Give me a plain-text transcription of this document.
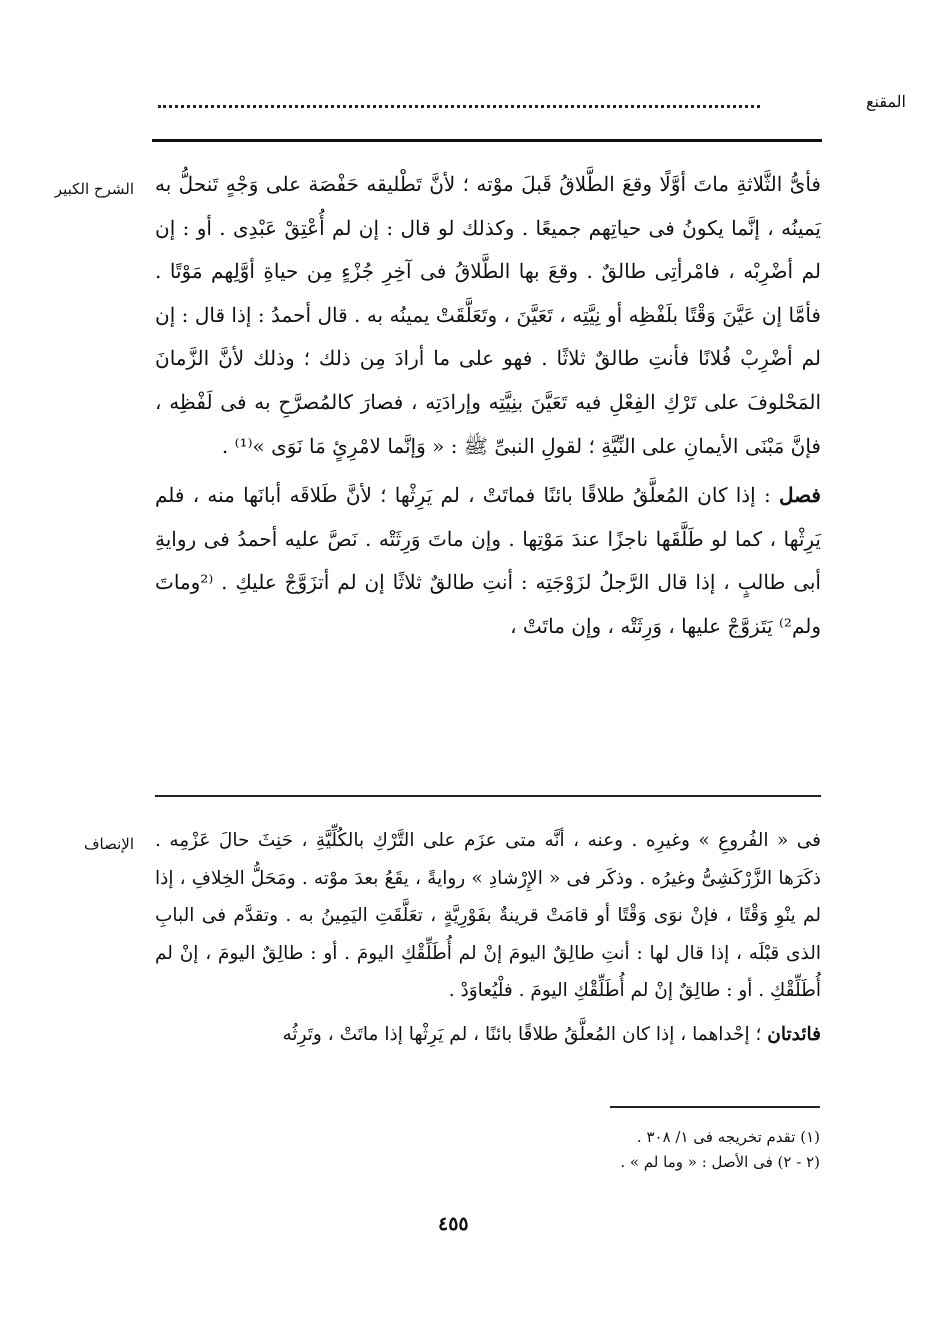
المقنع
الشرح الكبير فأىُّ الثَّلاثةِ ماتَ أوَّلًا وقعَ الطَّلاقُ قَبلَ موْته ؛ لأنَّ تَطْليقه حَفْصَة على وَجْهٍ تَنحلُّ به يَمينُه ، إنَّما يكونُ فى حياتِهم جميعًا . وكذلك لو قال : إن لم أُعْتِقْ عَبْدِى . أو : إن لم أضْرِبْه ، فامْرأتِى طالقٌ . وقعَ بها الطَّلاقُ فى آخِرِ جُزْءٍ مِن حياةِ أوَّلِهم مَوْتًا . فأمَّا إن عَيَّنَ وَقْتًا بلَفْظِه أو نِيَّتِه ، تَعَيَّنَ ، وتَعَلَّقَتْ يمينُه به . قال أحمدُ : إذا قال : إن لم أضْرِبْ فُلانًا فأنتِ طالقٌ ثلاثًا . فهو على ما أرادَ مِن ذلك ؛ وذلك لأنَّ الزَّمانَ المَحْلوفَ على تَرْكِ الفِعْلِ فيه تَعَيَّنَ بنِيَّتِه وإرادَتِه ، فصارَ كالمُصرَّحِ به فى لَفْظِه ، فإنَّ مَبْنَى الأيمانِ على النِّيَّةِ ؛ لقولِ النبىِّ ﷺ : « وَإنَّما لامْرِئٍ مَا نَوَى »⁽¹⁾ .

فصل : إذا كان المُعلَّقُ طلاقًا بائنًا فماتَتْ ، لم يَرِثْها ؛ لأنَّ طَلاقَه أبانَها منه ، فلم يَرِثْها ، كما لو طَلَّقَها ناجزًا عندَ مَوْتِها . وإن ماتَ وَرِثَتْه . نَصَّ عليه أحمدُ فى روايةِ أبى طالبٍ ، إذا قال الرَّجلُ لزَوْجَتِه : أنتِ طالقٌ ثلاثًا إن لم أتزَوَّجْ عليكِ . ⁽²وماتَ ولم²⁾ يَتَزوَّجْ عليها ، وَرِثَتْه ، وإن ماتَتْ ،

الإنصاف فى « الفُروعِ » وغيرِه . وعنه ، أنَّه متى عزَم على التَّرْكِ بالكُلِّيَّةِ ، حَنِثَ حالَ عَزْمِه . ذكَرَها الزَّرْكَشِىُّ وغيرُه . وذكَر فى « الإِرْشادِ » روايةً ، يقَعُ بعدَ موْته . ومَحَلُّ الخِلافِ ، إذا لم ينْوِ وَقْتًا ، فإنْ نوَى وَقْتًا أو قامَتْ قرينةٌ بفَوْرِيَّةٍ ، تعَلَّقَتِ اليَمِينُ به . وتقدَّم فى البابِ الذى قبْلَه ، إذا قال لها : أنتِ طالِقٌ اليومَ إنْ لم أُطَلِّقْكِ اليومَ . أو : طالِقٌ اليومَ ، إنْ لم أُطَلِّقْكِ . أو : طالِقٌ إنْ لم أُطَلِّقْكِ اليومَ . فلْيُعاوَدْ .

فائدتان ؛ إحْداهما ، إذا كان المُعلَّقُ طلاقًا بائنًا ، لم يَرِثْها إذا ماتَتْ ، وتَرِثُه

(١) تقدم تخريجه فى ١/ ٣٠٨ .
(٢ - ٢) فى الأصل : « وما لم » .
٤٥٥
